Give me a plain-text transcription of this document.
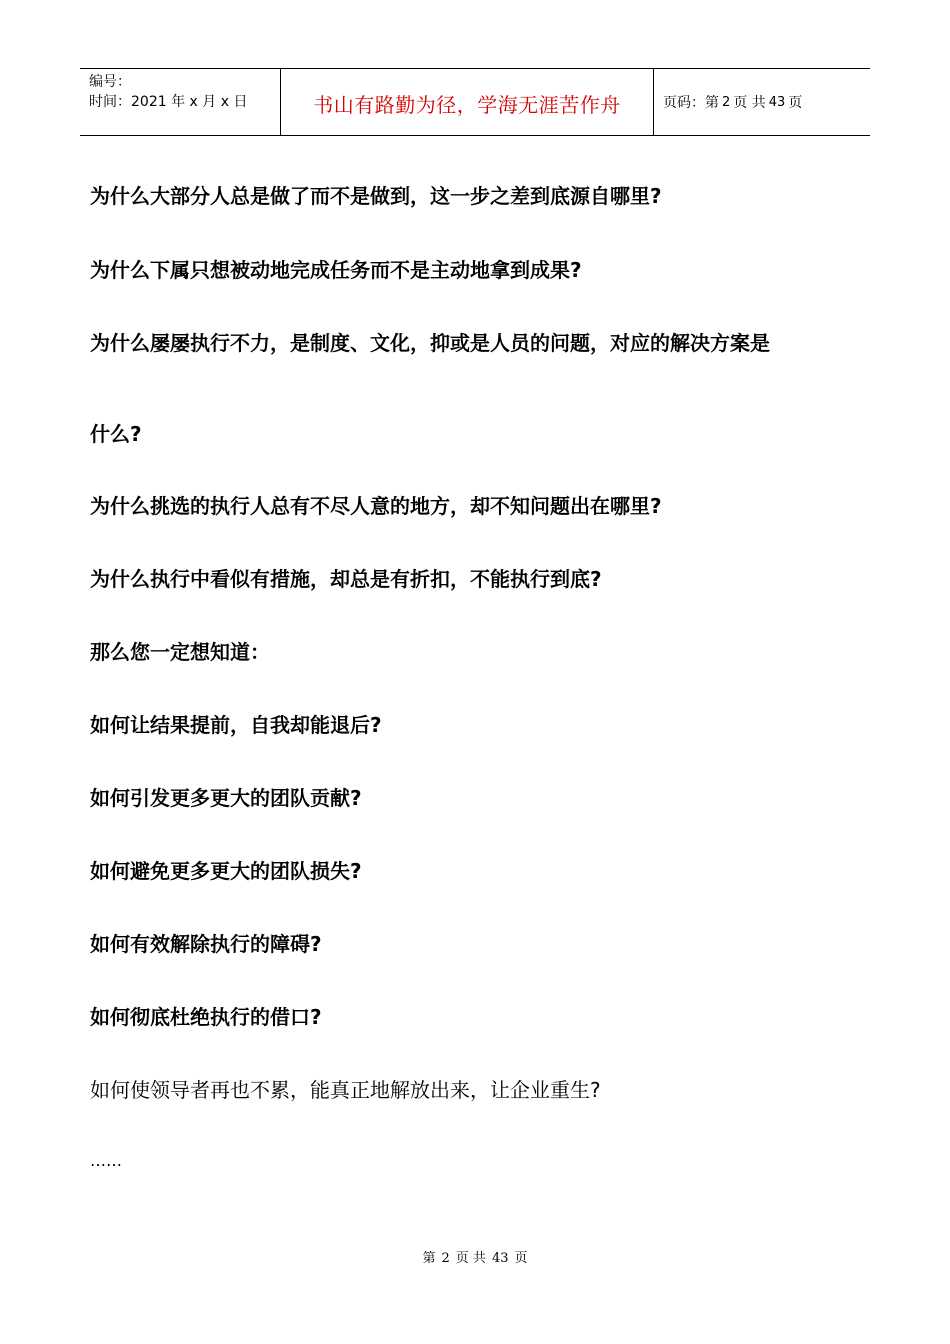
编号：
时间：2021 年 x 月 x 日	书山有路勤为径，学海无涯苦作舟	页码：第 2 页 共 43 页
为什么大部分人总是做了而不是做到，这一步之差到底源自哪里?
为什么下属只想被动地完成任务而不是主动地拿到成果?
为什么屡屡执行不力，是制度、文化，抑或是人员的问题，对应的解决方案是
什么?
为什么挑选的执行人总有不尽人意的地方，却不知问题出在哪里?
为什么执行中看似有措施，却总是有折扣，不能执行到底?
那么您一定想知道：
如何让结果提前，自我却能退后?
如何引发更多更大的团队贡献?
如何避免更多更大的团队损失?
如何有效解除执行的障碍?
如何彻底杜绝执行的借口?
如何使领导者再也不累，能真正地解放出来，让企业重生?
……
第 2 页 共 43 页
